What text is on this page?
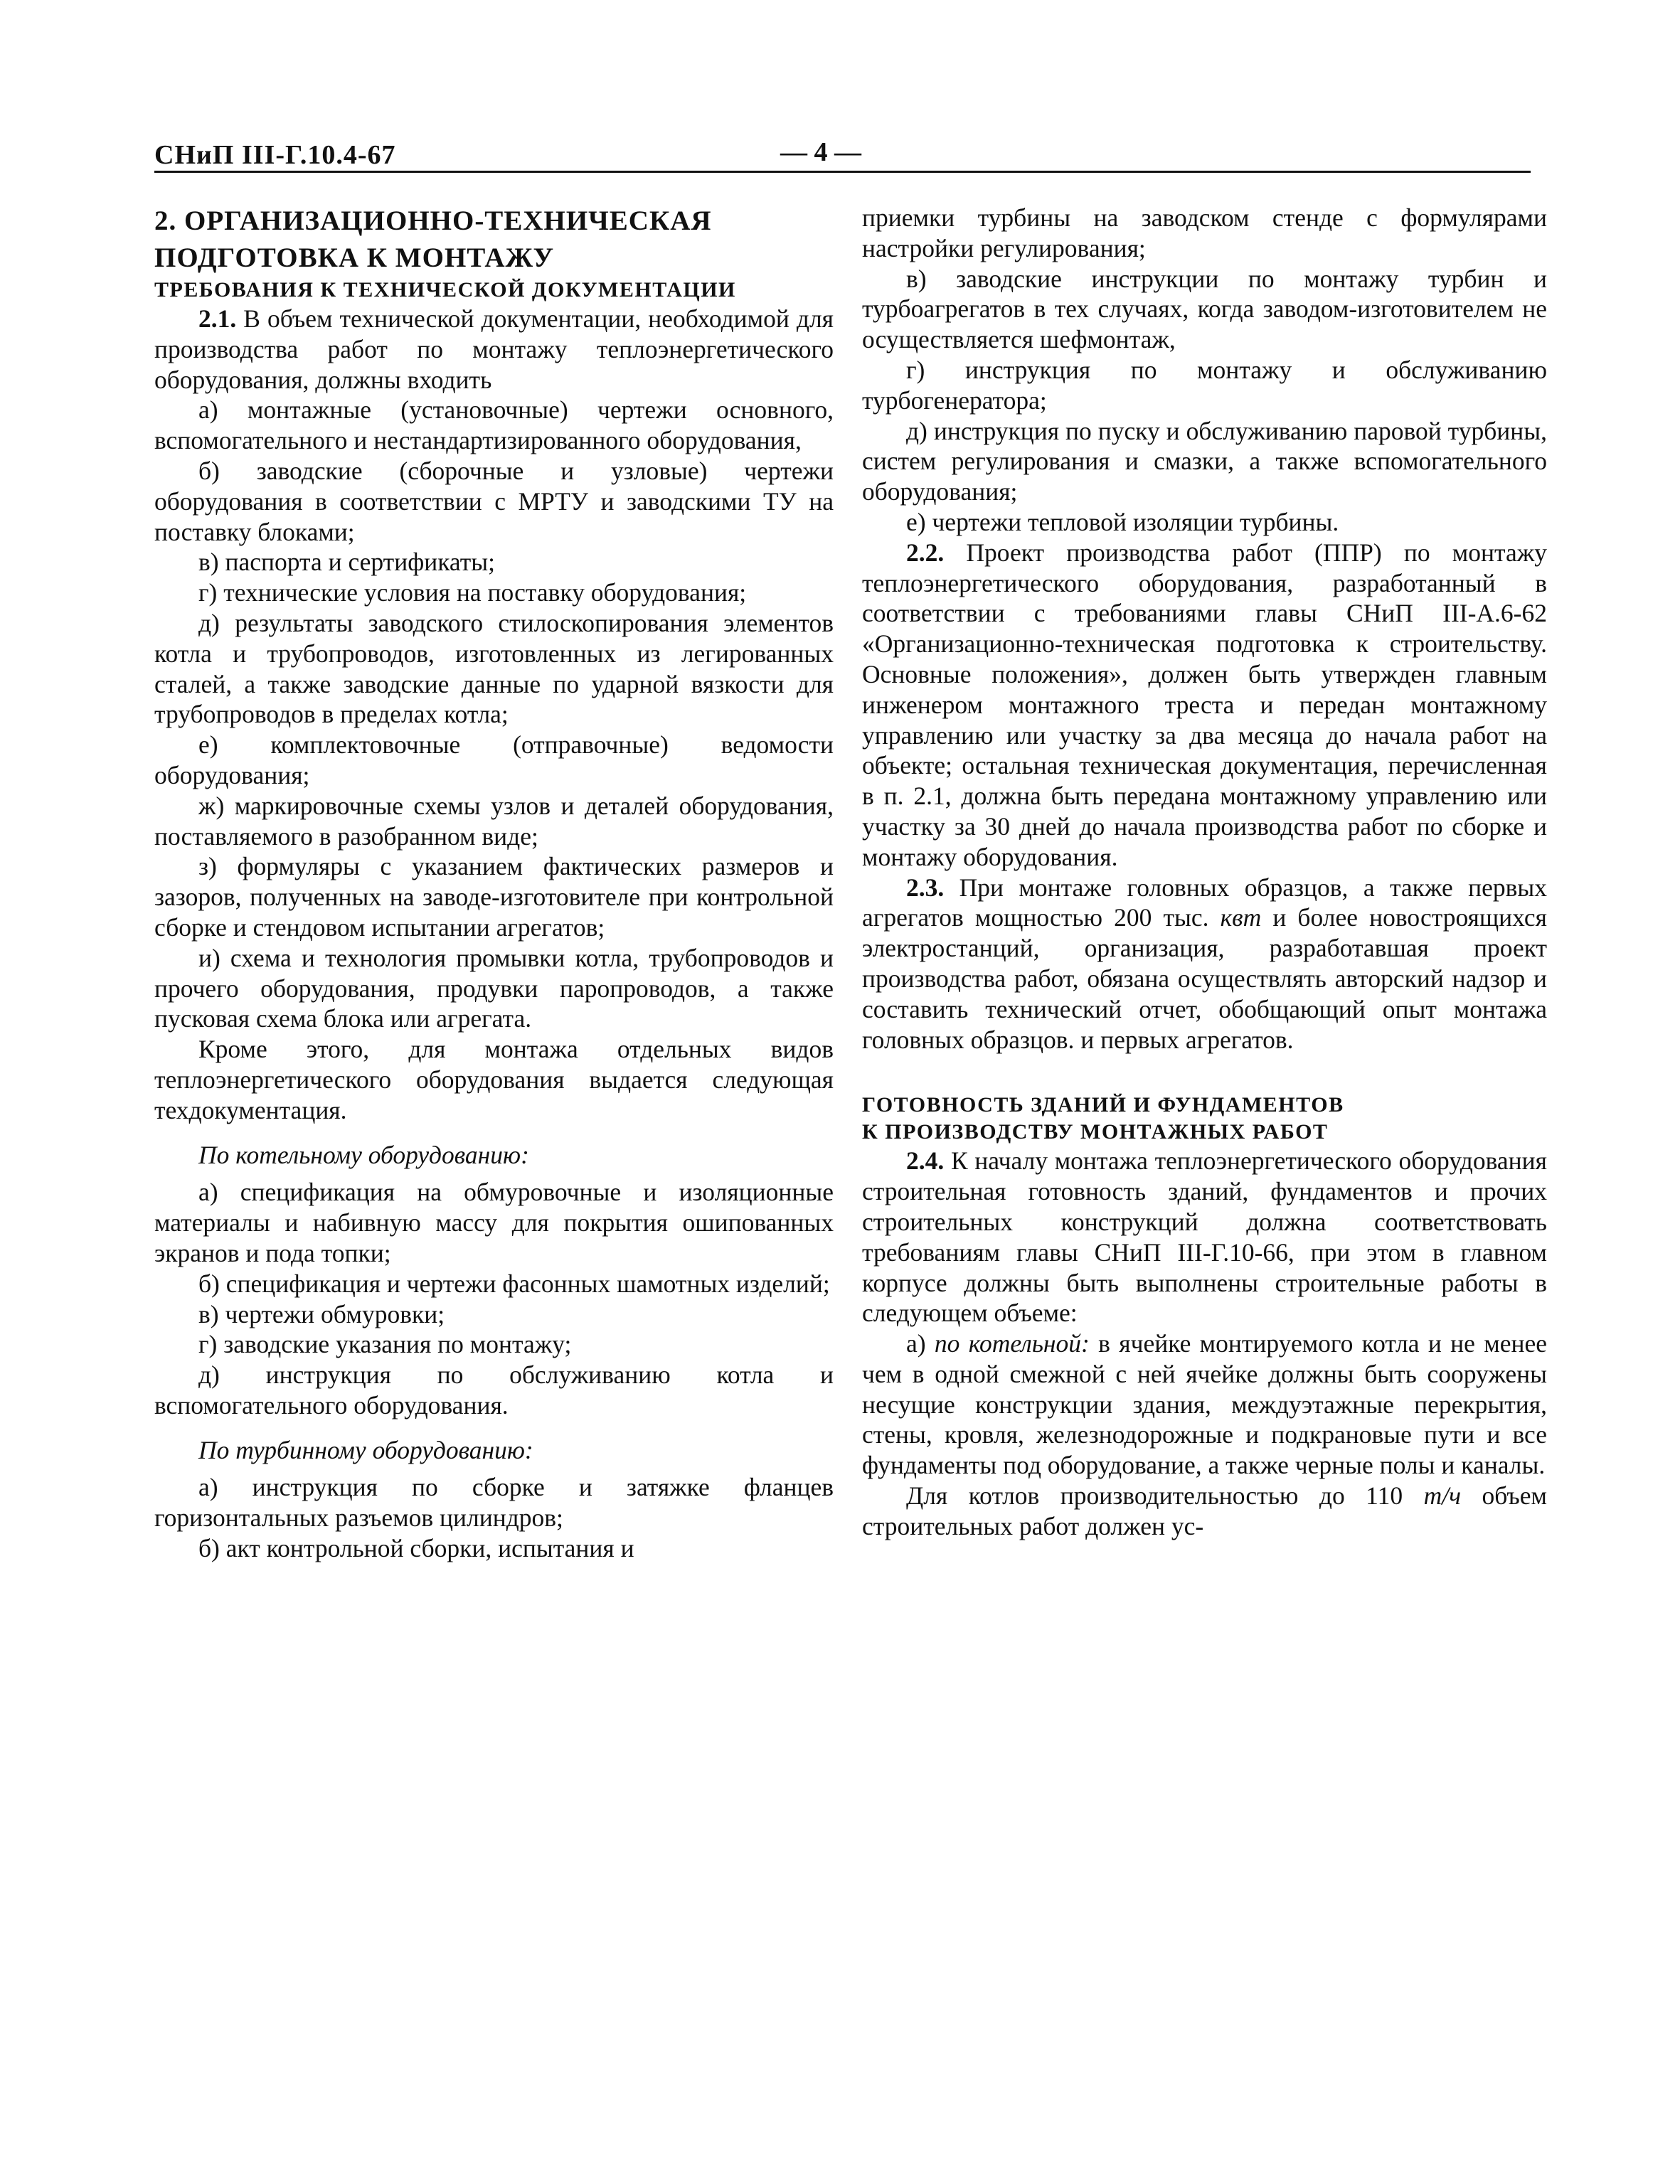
СНиП III-Г.10.4-67	— 4 —

2. ОРГАНИЗАЦИОННО-ТЕХНИЧЕСКАЯ
ПОДГОТОВКА К МОНТАЖУ

ТРЕБОВАНИЯ К ТЕХНИЧЕСКОЙ ДОКУМЕНТАЦИИ

2.1. В объем технической документации, необходимой для производства работ по монтажу теплоэнергетического оборудования, должны входить

а) монтажные (установочные) чертежи основного, вспомогательного и нестандартизированного оборудования,

б) заводские (сборочные и узловые) чертежи оборудования в соответствии с МРТУ и заводскими ТУ на поставку блоками;

в) паспорта и сертификаты;

г) технические условия на поставку оборудования;

д) результаты заводского стилоскопирования элементов котла и трубопроводов, изготовленных из легированных сталей, а также заводские данные по ударной вязкости для трубопроводов в пределах котла;

е) комплектовочные (отправочные) ведомости оборудования;

ж) маркировочные схемы узлов и деталей оборудования, поставляемого в разобранном виде;

з) формуляры с указанием фактических размеров и зазоров, полученных на заводе-изготовителе при контрольной сборке и стендовом испытании агрегатов;

и) схема и технология промывки котла, трубопроводов и прочего оборудования, продувки паропроводов, а также пусковая схема блока или агрегата.

Кроме этого, для монтажа отдельных видов теплоэнергетического оборудования выдается следующая техдокументация.

По котельному оборудованию:

а) спецификация на обмуровочные и изоляционные материалы и набивную массу для покрытия ошипованных экранов и пода топки;

б) спецификация и чертежи фасонных шамотных изделий;

в) чертежи обмуровки;

г) заводские указания по монтажу;

д) инструкция по обслуживанию котла и вспомогательного оборудования.

По турбинному оборудованию:

а) инструкция по сборке и затяжке фланцев горизонтальных разъемов цилиндров;

б) акт контрольной сборки, испытания и

приемки турбины на заводском стенде с формулярами настройки регулирования;

в) заводские инструкции по монтажу турбин и турбоагрегатов в тех случаях, когда заводом-изготовителем не осуществляется шефмонтаж,

г) инструкция по монтажу и обслуживанию турбогенератора;

д) инструкция по пуску и обслуживанию паровой турбины, систем регулирования и смазки, а также вспомогательного оборудования;

е) чертежи тепловой изоляции турбины.

2.2. Проект производства работ (ППР) по монтажу теплоэнергетического оборудования, разработанный в соответствии с требованиями главы СНиП III-А.6-62 «Организационно-техническая подготовка к строительству. Основные положения», должен быть утвержден главным инженером монтажного треста и передан монтажному управлению или участку за два месяца до начала работ на объекте; остальная техническая документация, перечисленная в п. 2.1, должна быть передана монтажному управлению или участку за 30 дней до начала производства работ по сборке и монтажу оборудования.

2.3. При монтаже головных образцов, а также первых агрегатов мощностью 200 тыс. квт и более новостроящихся электростанций, организация, разработавшая проект производства работ, обязана осуществлять авторский надзор и составить технический отчет, обобщающий опыт монтажа головных образцов. и первых агрегатов.

ГОТОВНОСТЬ ЗДАНИЙ И ФУНДАМЕНТОВ
К ПРОИЗВОДСТВУ МОНТАЖНЫХ РАБОТ

2.4. К началу монтажа теплоэнергетического оборудования строительная готовность зданий, фундаментов и прочих строительных конструкций должна соответствовать требованиям главы СНиП III-Г.10-66, при этом в главном корпусе должны быть выполнены строительные работы в следующем объеме:

а) по котельной: в ячейке монтируемого котла и не менее чем в одной смежной с ней ячейке должны быть сооружены несущие конструкции здания, междуэтажные перекрытия, стены, кровля, железнодорожные и подкрановые пути и все фундаменты под оборудование, а также черные полы и каналы.

Для котлов производительностью до 110 т/ч объем строительных работ должен ус-
